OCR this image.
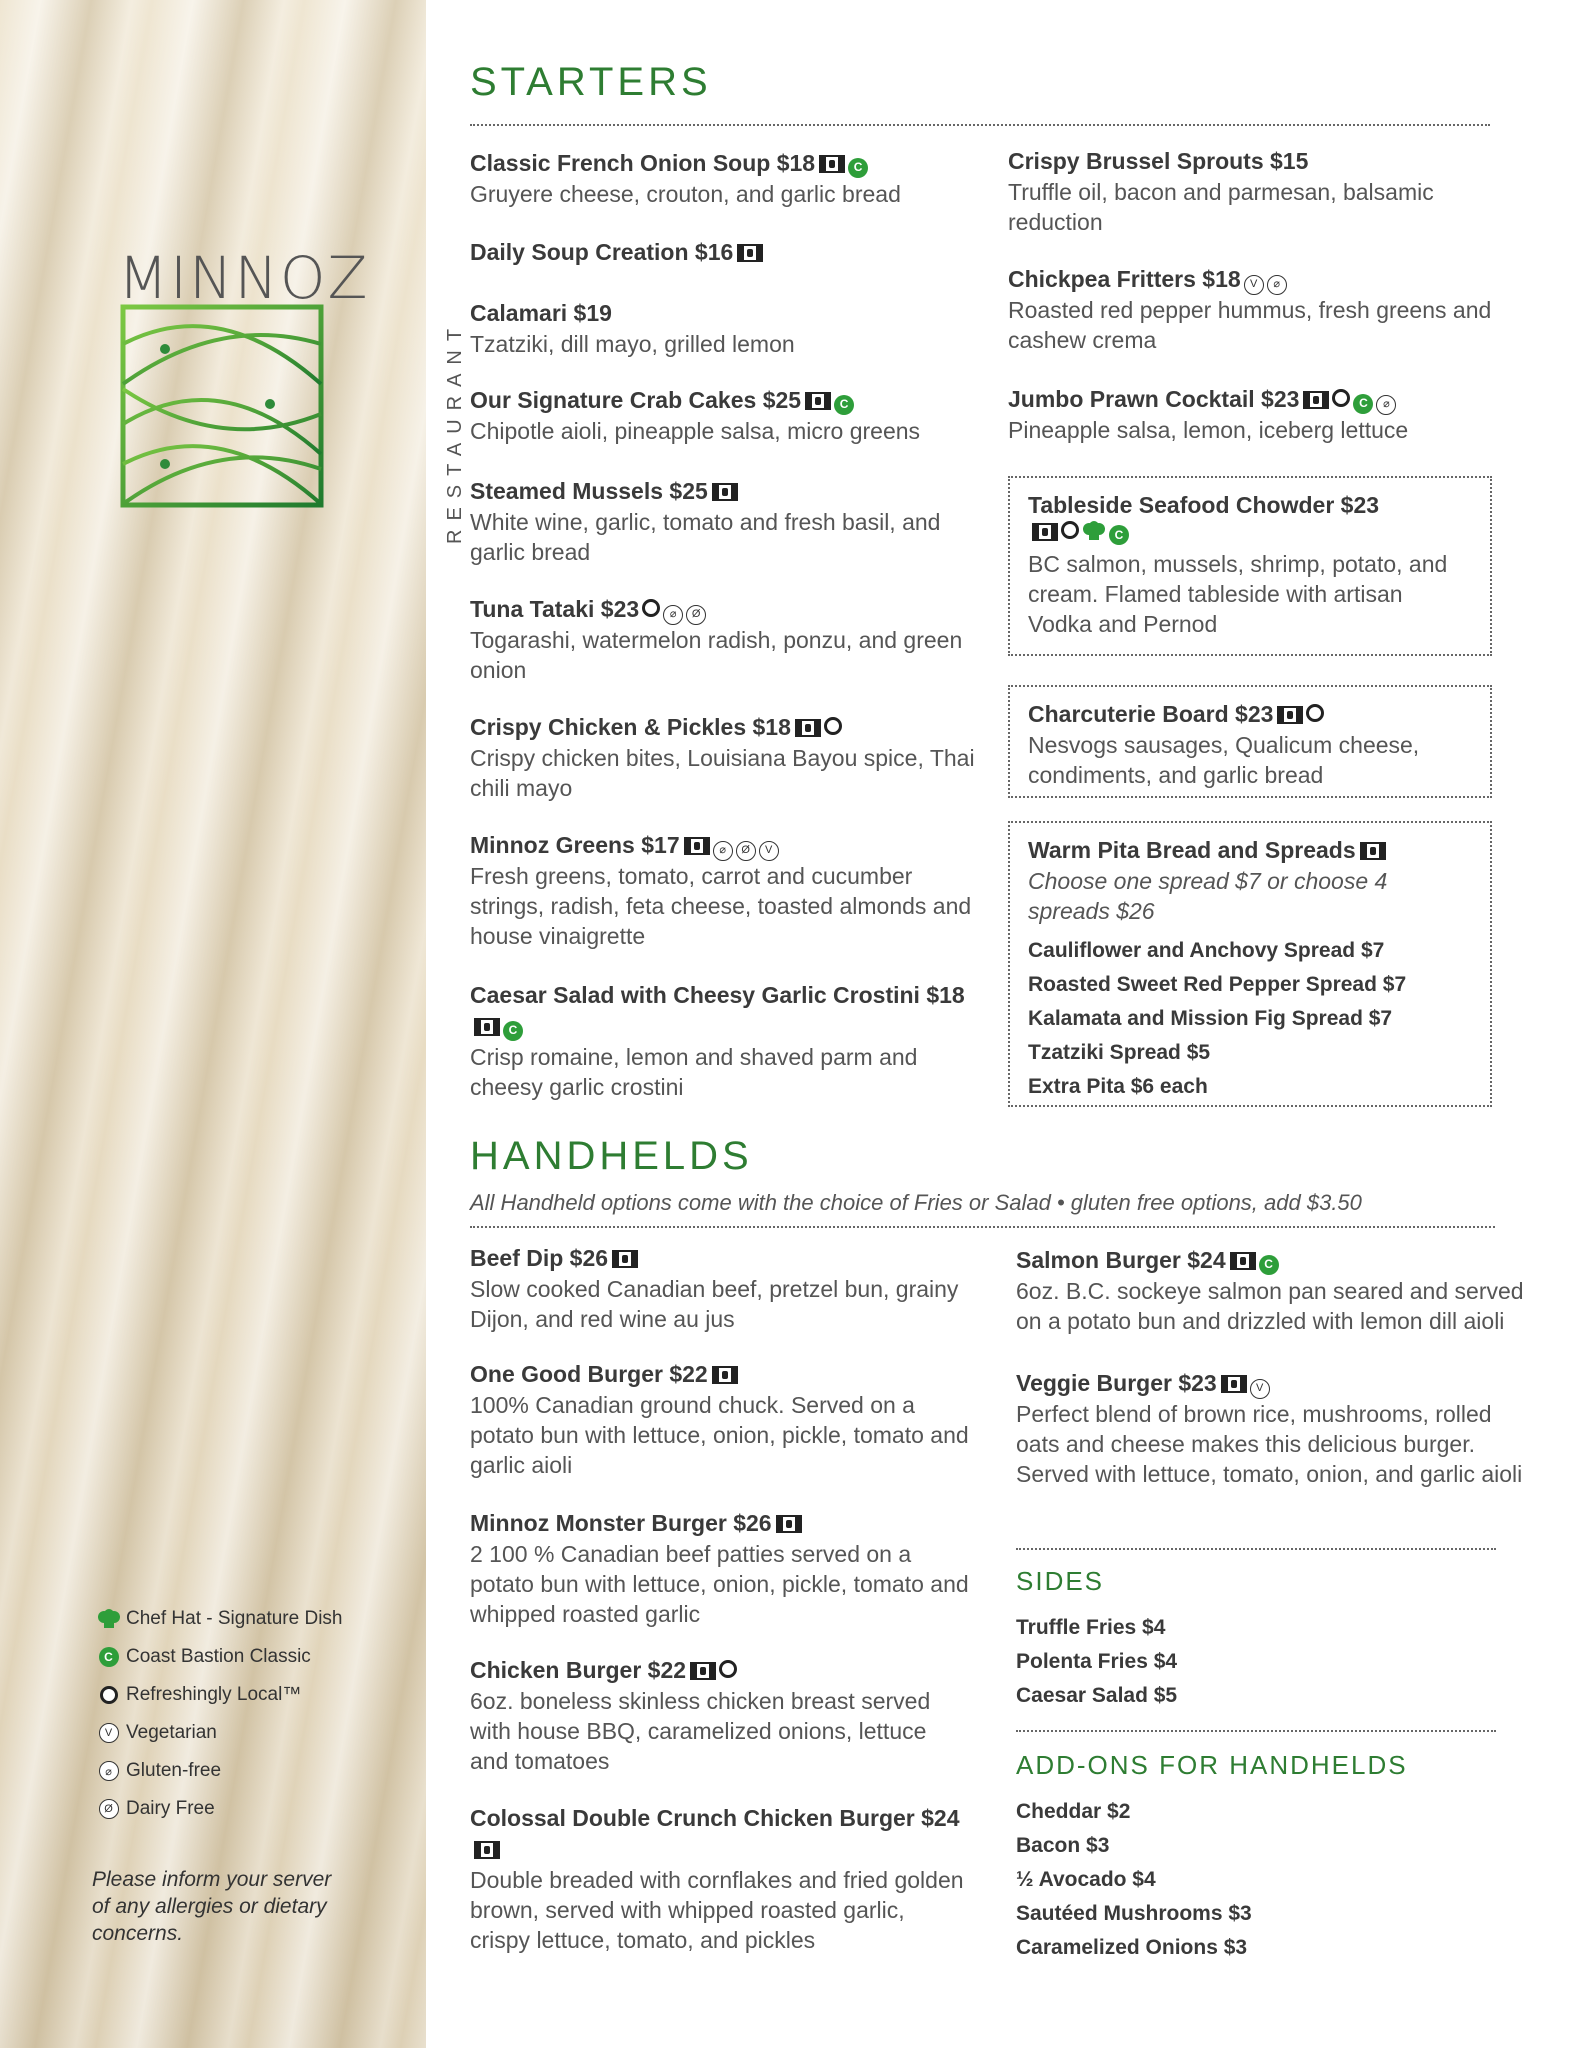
MINNOZ
RESTAURANT
Chef Hat - Signature Dish
C Coast Bastion Classic
Refreshingly Local™
V Vegetarian
⌀ Gluten-free
Ø Dairy Free
Please inform your server of any allergies or dietary concerns.
STARTERS
Classic French Onion Soup $18	C
Gruyere cheese, crouton, and garlic bread
Daily Soup Creation $16
Calamari $19
Tzatziki, dill mayo, grilled lemon
Our Signature Crab Cakes $25	C
Chipotle aioli, pineapple salsa, micro greens
Steamed Mussels $25
White wine, garlic, tomato and fresh basil, and garlic bread
Tuna Tataki $23	⌀ Ø
Togarashi, watermelon radish, ponzu, and green onion
Crispy Chicken & Pickles $18
Crispy chicken bites, Louisiana Bayou spice, Thai chili mayo
Minnoz Greens $17	⌀ Ø V
Fresh greens, tomato, carrot and cucumber strings, radish, feta cheese, toasted almonds and house vinaigrette
Caesar Salad with Cheesy Garlic Crostini $18
C
Crisp romaine, lemon and shaved parm and cheesy garlic crostini
Crispy Brussel Sprouts $15
Truffle oil, bacon and parmesan, balsamic reduction
Chickpea Fritters $18 V ⌀
Roasted red pepper hummus, fresh greens and cashew crema
Jumbo Prawn Cocktail $23	C ⌀
Pineapple salsa, lemon, iceberg lettuce
Tableside Seafood Chowder $23
C
BC salmon, mussels, shrimp, potato, and cream. Flamed tableside with artisan Vodka and Pernod
Charcuterie Board $23
Nesvogs sausages, Qualicum cheese, condiments, and garlic bread
Warm Pita Bread and Spreads
Choose one spread $7 or choose 4 spreads $26
Cauliflower and Anchovy Spread $7
Roasted Sweet Red Pepper Spread $7
Kalamata and Mission Fig Spread $7
Tzatziki Spread $5
Extra Pita $6 each
HANDHELDS
All Handheld options come with the choice of Fries or Salad • gluten free options, add $3.50
Beef Dip $26
Slow cooked Canadian beef, pretzel bun, grainy Dijon, and red wine au jus
One Good Burger $22
100% Canadian ground chuck. Served on a potato bun with lettuce, onion, pickle, tomato and garlic aioli
Minnoz Monster Burger $26
2 100 % Canadian beef patties served on a potato bun with lettuce, onion, pickle, tomato and whipped roasted garlic
Chicken Burger $22
6oz. boneless skinless chicken breast served with house BBQ, caramelized onions, lettuce and tomatoes
Colossal Double Crunch Chicken Burger $24
Double breaded with cornflakes and fried golden brown, served with whipped roasted garlic, crispy lettuce, tomato, and pickles
Salmon Burger $24	C
6oz. B.C. sockeye salmon pan seared and served on a potato bun and drizzled with lemon dill aioli
Veggie Burger $23	V
Perfect blend of brown rice, mushrooms, rolled oats and cheese makes this delicious burger. Served with lettuce, tomato, onion, and garlic aioli
SIDES
Truffle Fries $4
Polenta Fries $4
Caesar Salad $5
ADD-ONS FOR HANDHELDS
Cheddar $2
Bacon $3
½ Avocado $4
Sautéed Mushrooms $3
Caramelized Onions $3
